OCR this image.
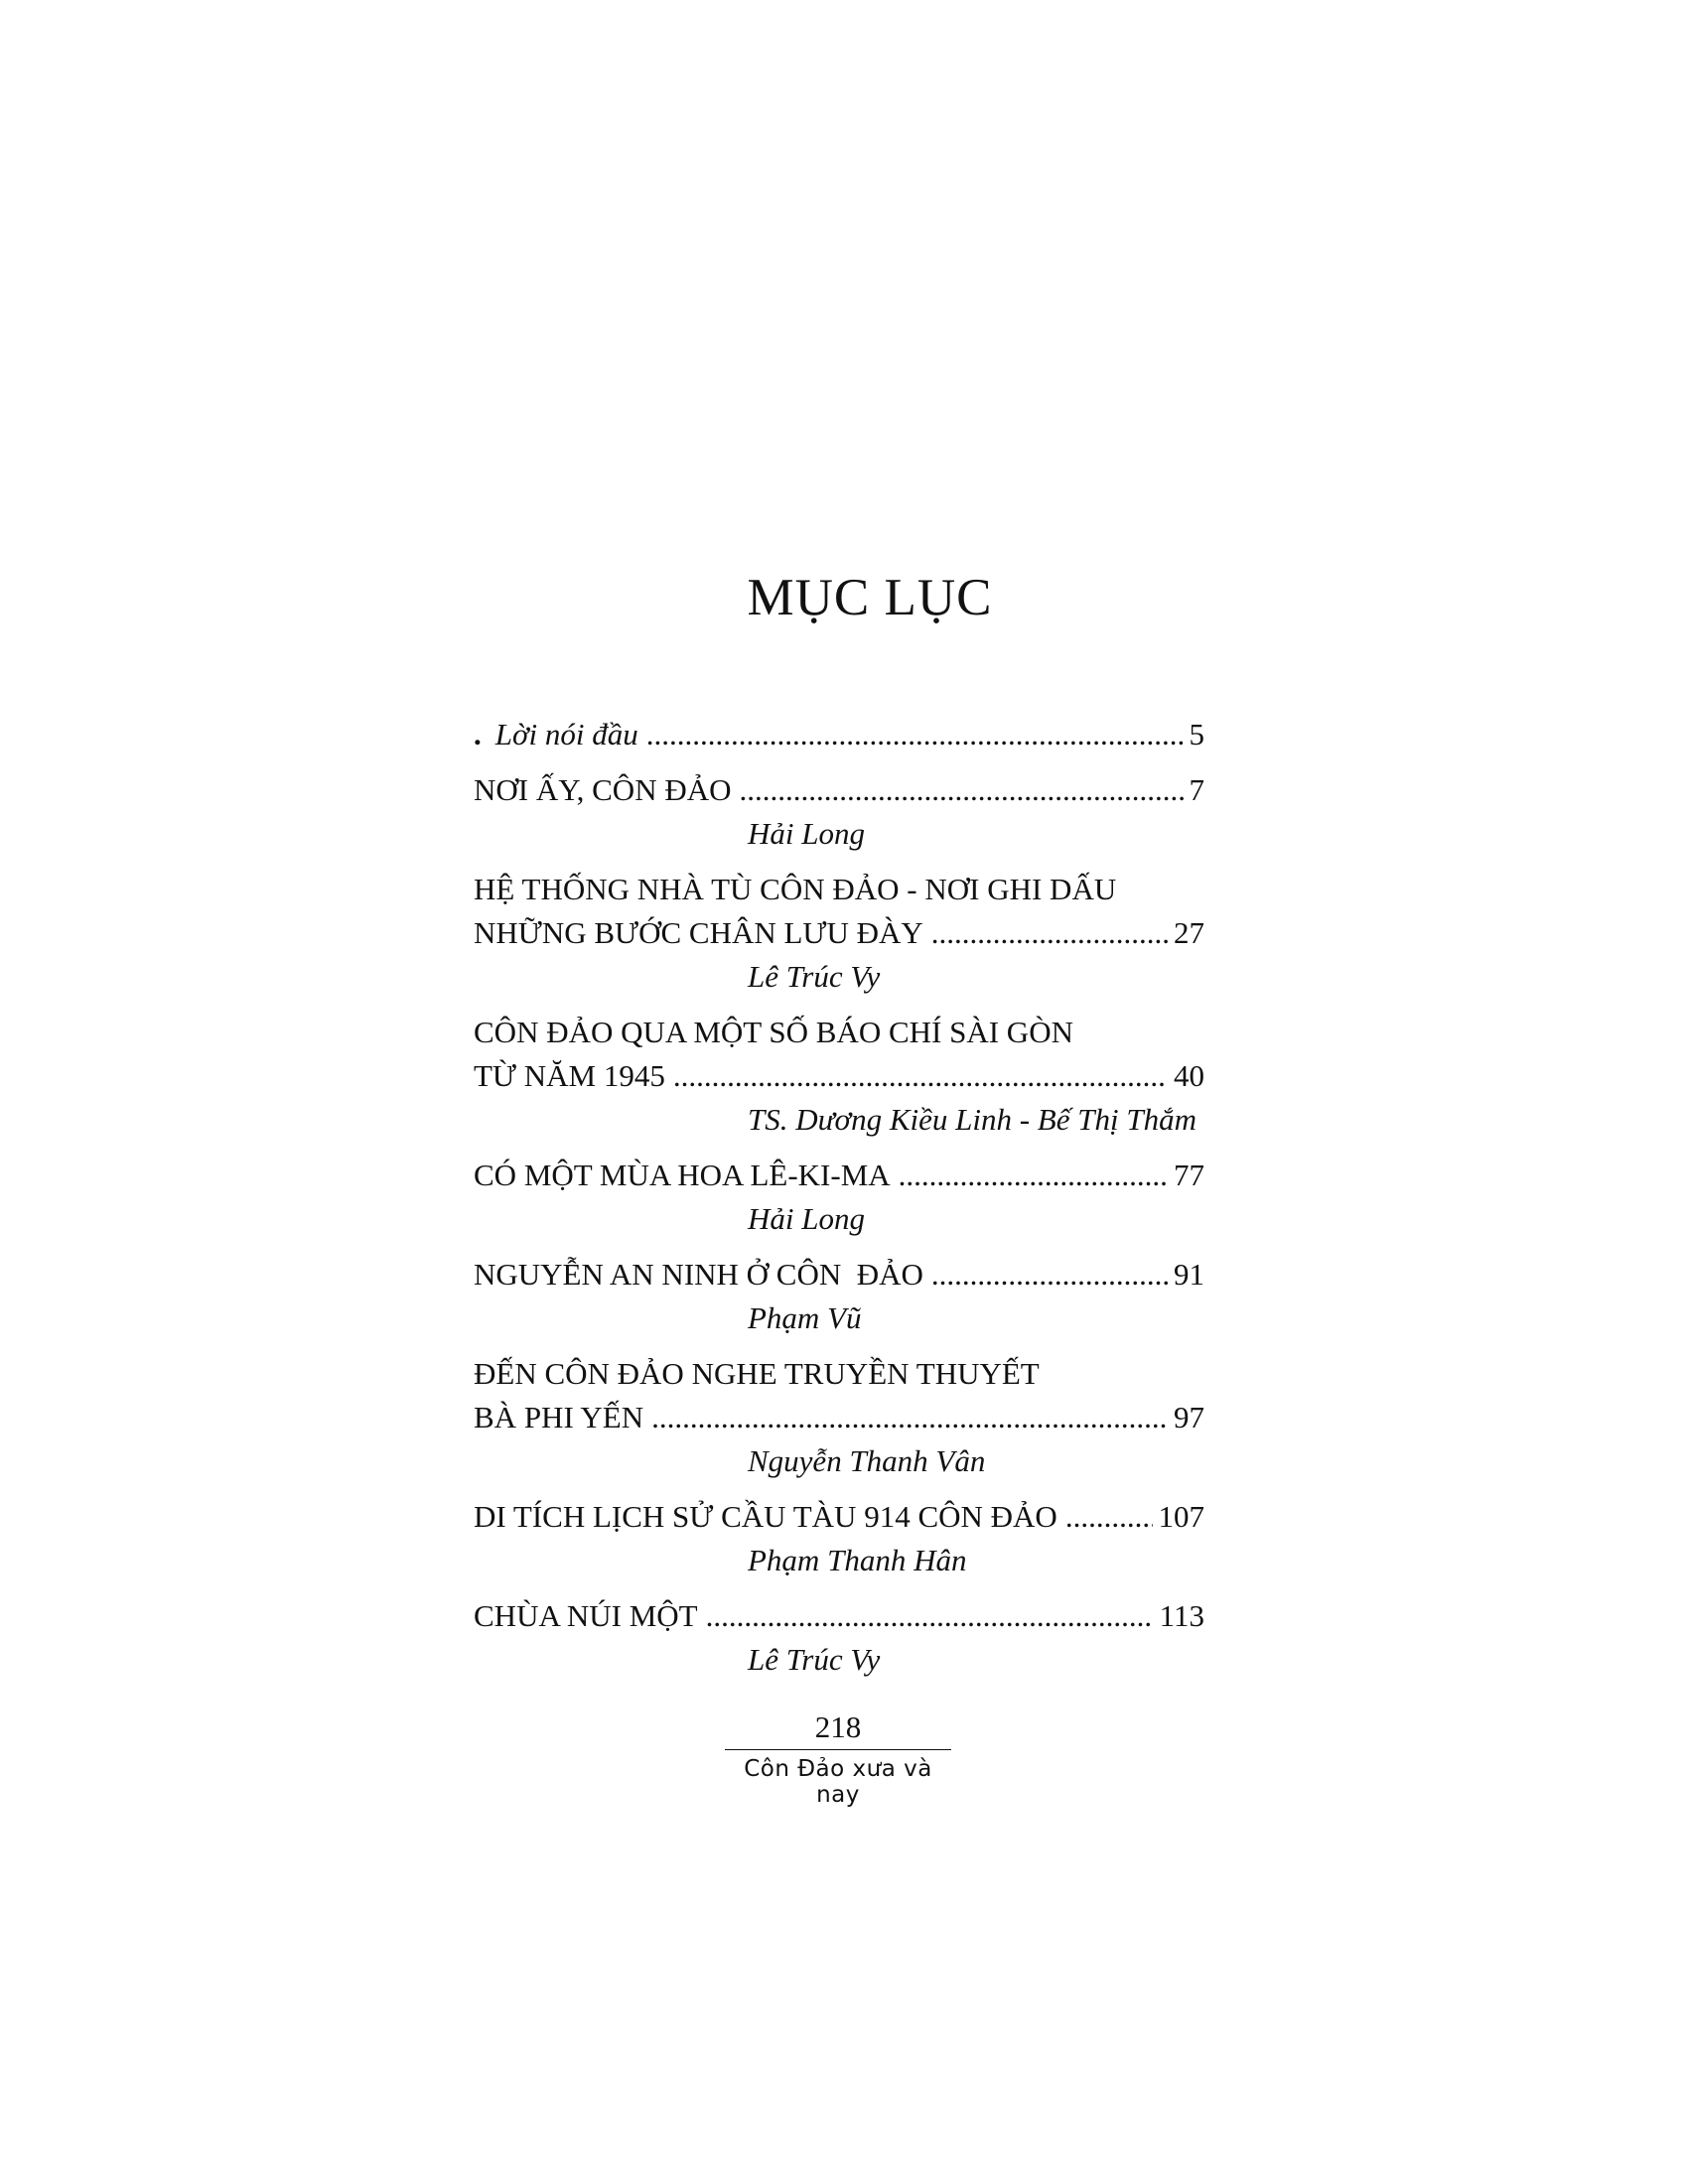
MỤC LỤC
. Lời nói đầu .....	5
NƠI ẤY, CÔN ĐẢO .....	7
Hải Long
HỆ THỐNG NHÀ TÙ CÔN ĐẢO - NƠI GHI DẤU
NHỮNG BƯỚC CHÂN LƯU ĐÀY .....	27
Lê Trúc Vy
CÔN ĐẢO QUA MỘT SỐ BÁO CHÍ SÀI GÒN
TỪ NĂM 1945 .....	40
TS. Dương Kiều Linh - Bế Thị Thắm
CÓ MỘT MÙA HOA LÊ-KI-MA .....	77
Hải Long
NGUYỄN AN NINH Ở CÔN  ĐẢO .....	91
Phạm Vũ
ĐẾN CÔN ĐẢO NGHE TRUYỀN THUYẾT
BÀ PHI YẾN .....	97
Nguyễn Thanh Vân
DI TÍCH LỊCH SỬ CẦU TÀU 914 CÔN ĐẢO .....	107
Phạm Thanh Hân
CHÙA NÚI MỘT .....	113
Lê Trúc Vy
218
Côn Đảo xưa và nay
